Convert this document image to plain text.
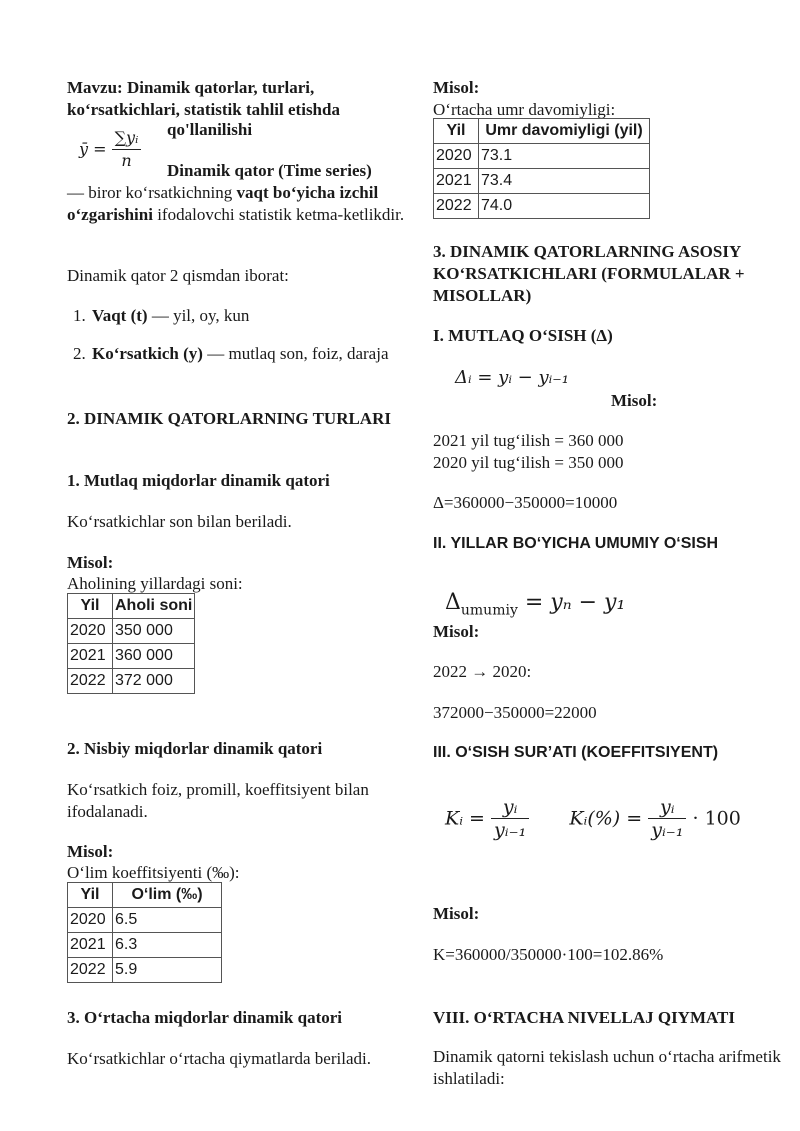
Mavzu: Dinamik qatorlar, turlari, ko‘rsatkichlari, statistik tahlil etishda
qo'llanilishi
ȳ = $\frac{\text{∑yᵢ}}{n}$	Dinamik qator (Time series)
— biror ko‘rsatkichning vaqt bo‘yicha izchil o‘zgarishini ifodalovchi statistik ketma-ketlikdir.
Dinamik qator 2 qismdan iborat:
1. Vaqt (t) — yil, oy, kun
2. Ko‘rsatkich (y) — mutlaq son, foiz, daraja
2. DINAMIK QATORLARNING TURLARI
1. Mutlaq miqdorlar dinamik qatori
Ko‘rsatkichlar son bilan beriladi.
Misol:
Aholining yillardagi soni:
Yil	Aholi soni
2020	350 000
2021	360 000
2022	372 000
2. Nisbiy miqdorlar dinamik qatori
Ko‘rsatkich foiz, promill, koeffitsiyent bilan ifodalanadi.
Misol:
O‘lim koeffitsiyenti (‰):
Yil	O‘lim (‰)
2020	6.5
2021	6.3
2022	5.9
3. O‘rtacha miqdorlar dinamik qatori
Ko‘rsatkichlar o‘rtacha qiymatlarda beriladi.
Misol:
O‘rtacha umr davomiyligi:
Yil	Umr davomiyligi (yil)
2020	73.1
2021	73.4
2022	74.0
3. DINAMIK QATORLARNING ASOSIY KO‘RSATKICHLARI (FORMULALAR + MISOLLAR)
I. MUTLAQ O‘SISH (Δ)
Δᵢ = yᵢ − yᵢ₋₁
Misol:
2021 yil tug‘ilish = 360 000
2020 yil tug‘ilish = 350 000
Δ=360000−350000=10000
II. YILLAR BO‘YICHA UMUMIY O‘SISH
$\Delta_{umumiy} = y_n - y_1$
Misol:
2022 → 2020:
372000−350000=22000
III. O‘SISH SUR’ATI (KOEFFITSIYENT)
Kᵢ = $\frac{\text{yᵢ}}{\text{yᵢ₋₁}}$ Kᵢ(%) = $\frac{\text{yᵢ}}{\text{yᵢ₋₁}} \cdot 100$
Misol:
K=360000/350000·100=102.86%
VIII. O‘RTACHA NIVELLAJ QIYMATI
Dinamik qatorni tekislash uchun o‘rtacha arifmetik ishlatiladi:
